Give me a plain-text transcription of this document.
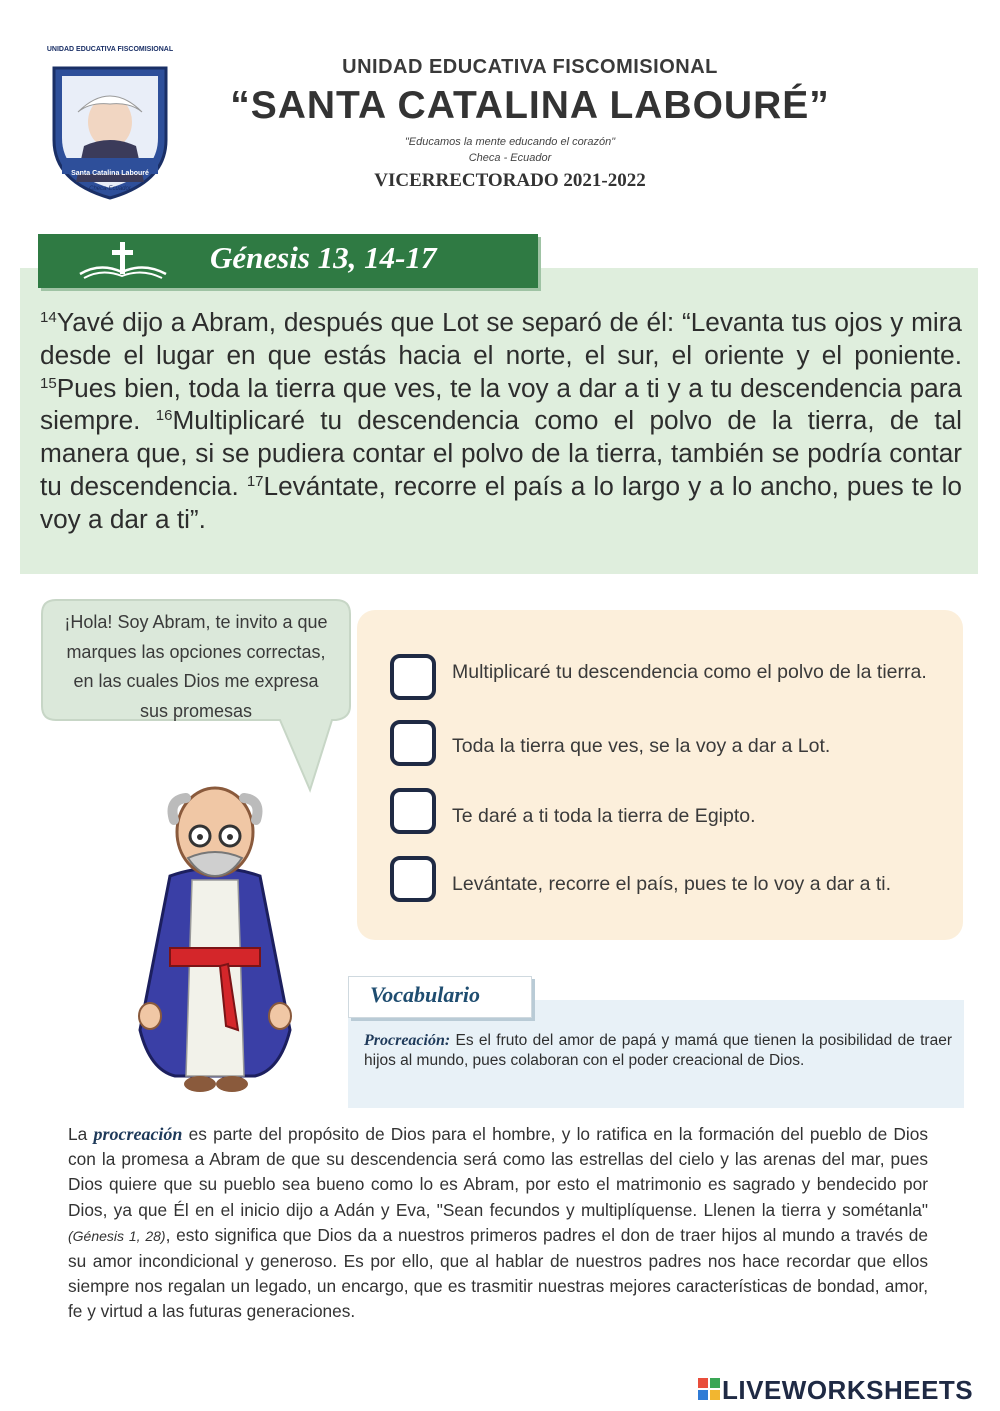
UNIDAD EDUCATIVA FISCOMISIONAL
Santa Catalina Labouré
Checa-Ecuador
UNIDAD EDUCATIVA FISCOMISIONAL
“SANTA CATALINA LABOURÉ”
"Educamos la mente educando el corazón"
Checa - Ecuador
VICERRECTORADO 2021-2022
Génesis 13, 14-17
$^{14}$Yavé dijo a Abram, después que Lot se separó de él: “Levanta tus ojos y mira desde el lugar en que estás hacia el norte, el sur, el oriente y el poniente. $^{15}$Pues bien, toda la tierra que ves, te la voy a dar a ti y a tu descendencia para siempre. $^{16}$Multiplicaré tu descendencia como el polvo de la tierra, de tal manera que, si se pudiera contar el polvo de la tierra, también se podría contar tu descendencia. $^{17}$Levántate, recorre el país a lo largo y a lo ancho, pues te lo voy a dar a ti”.
¡Hola! Soy Abram, te invito a que marques las opciones correctas, en las cuales Dios me expresa sus promesas
Multiplicaré tu descendencia como el polvo de la tierra.
Toda la tierra que ves, se la voy a dar a Lot.
Te daré a ti toda la tierra de Egipto.
Levántate, recorre el país, pues te lo voy a dar a ti.
Vocabulario
Procreación: Es el fruto del amor de papá y mamá que tienen la posibilidad de traer hijos al mundo, pues colaboran con el poder creacional de Dios.
La procreación es parte del propósito de Dios para el hombre, y lo ratifica en la formación del pueblo de Dios con la promesa a Abram de que su descendencia será como las estrellas del cielo y las arenas del mar, pues Dios quiere que su pueblo sea bueno como lo es Abram, por esto el matrimonio es sagrado y bendecido por Dios, ya que Él en el inicio dijo a Adán y Eva, "Sean fecundos y multiplíquense. Llenen la tierra y sométanla" (Génesis 1, 28), esto significa que Dios da a nuestros primeros padres el don de traer hijos al mundo a través de su amor incondicional y generoso. Es por ello, que al hablar de nuestros padres nos hace recordar que ellos siempre nos regalan un legado, un encargo, que es trasmitir nuestras mejores características de bondad, amor, fe y virtud a las futuras generaciones.
LIVEWORKSHEETS
